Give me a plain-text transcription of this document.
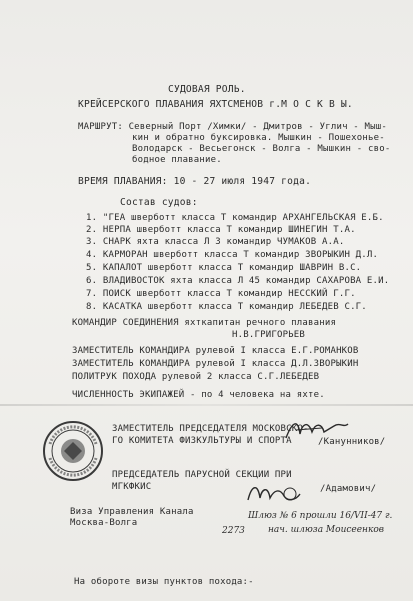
СУДОВАЯ РОЛЬ.
КРЕЙСЕРСКОГО ПЛАВАНИЯ ЯХТСМЕНОВ г.М О С К В Ы.
МАРШРУТ: Северный Порт /Химки/ - Дмитров - Углич - Мыш-
кин и обратно буксировка. Мышкин - Пошехонье-
Володарск - Весьегонск - Волга - Мышкин - сво-
бодное плавание.
ВРЕМЯ ПЛАВАНИЯ: 10 - 27 июля 1947 года.
Состав судов:
1. "ГЕА шверботт класса Т командир АРХАНГЕЛЬСКАЯ Е.Б.
2. НЕРПА шверботт класса Т командир ШИНЕГИН Т.А.
3. СНАРК яхта класса Л 3 командир ЧУМАКОВ А.А.
4. КАРМОРАН шверботт класса Т командир ЗВОРЫКИН Д.Л.
5. КАПАЛОТ шверботт класса Т командир ШАВРИН В.С.
6. ВЛАДИВОСТОК яхта класса Л 45 командир САХАРОВА Е.И.
7. ПОИСК шверботт класса Т командир НЕССКИЙ Г.Г.
8. КАСАТКА шверботт класса Т командир ЛЕБЕДЕВ С.Г.
КОМАНДИР СОЕДИНЕНИЯ яхткапитан речного плавания
Н.В.ГРИГОРЬЕВ
ЗАМЕСТИТЕЛЬ КОМАНДИРА рулевой I класса Е.Г.РОМАНКОВ
ЗАМЕСТИТЕЛЬ КОМАНДИРА рулевой I класса Д.Л.ЗВОРЫКИН
ПОЛИТРУК ПОХОДА рулевой 2 класса С.Г.ЛЕБЕДЕВ
ЧИСЛЕННОСТЬ ЭКИПАЖЕЙ - по 4 человека на яхте.
ЗАМЕСТИТЕЛЬ ПРЕДСЕДАТЕЛЯ МОСКОВСКО-
ГО КОМИТЕТА ФИЗКУЛЬТУРЫ И СПОРТА	/Канунников/
ПРЕДСЕДАТЕЛЬ ПАРУСНОЙ СЕКЦИИ ПРИ
МГКФКИС	/Адамович/
Виза Управления Канала
Москва-Волга
Шлюз № 6 прошли 16/VII-47 г.
нач. шлюза Моисеенков
2273
На обороте визы пунктов похода:-
